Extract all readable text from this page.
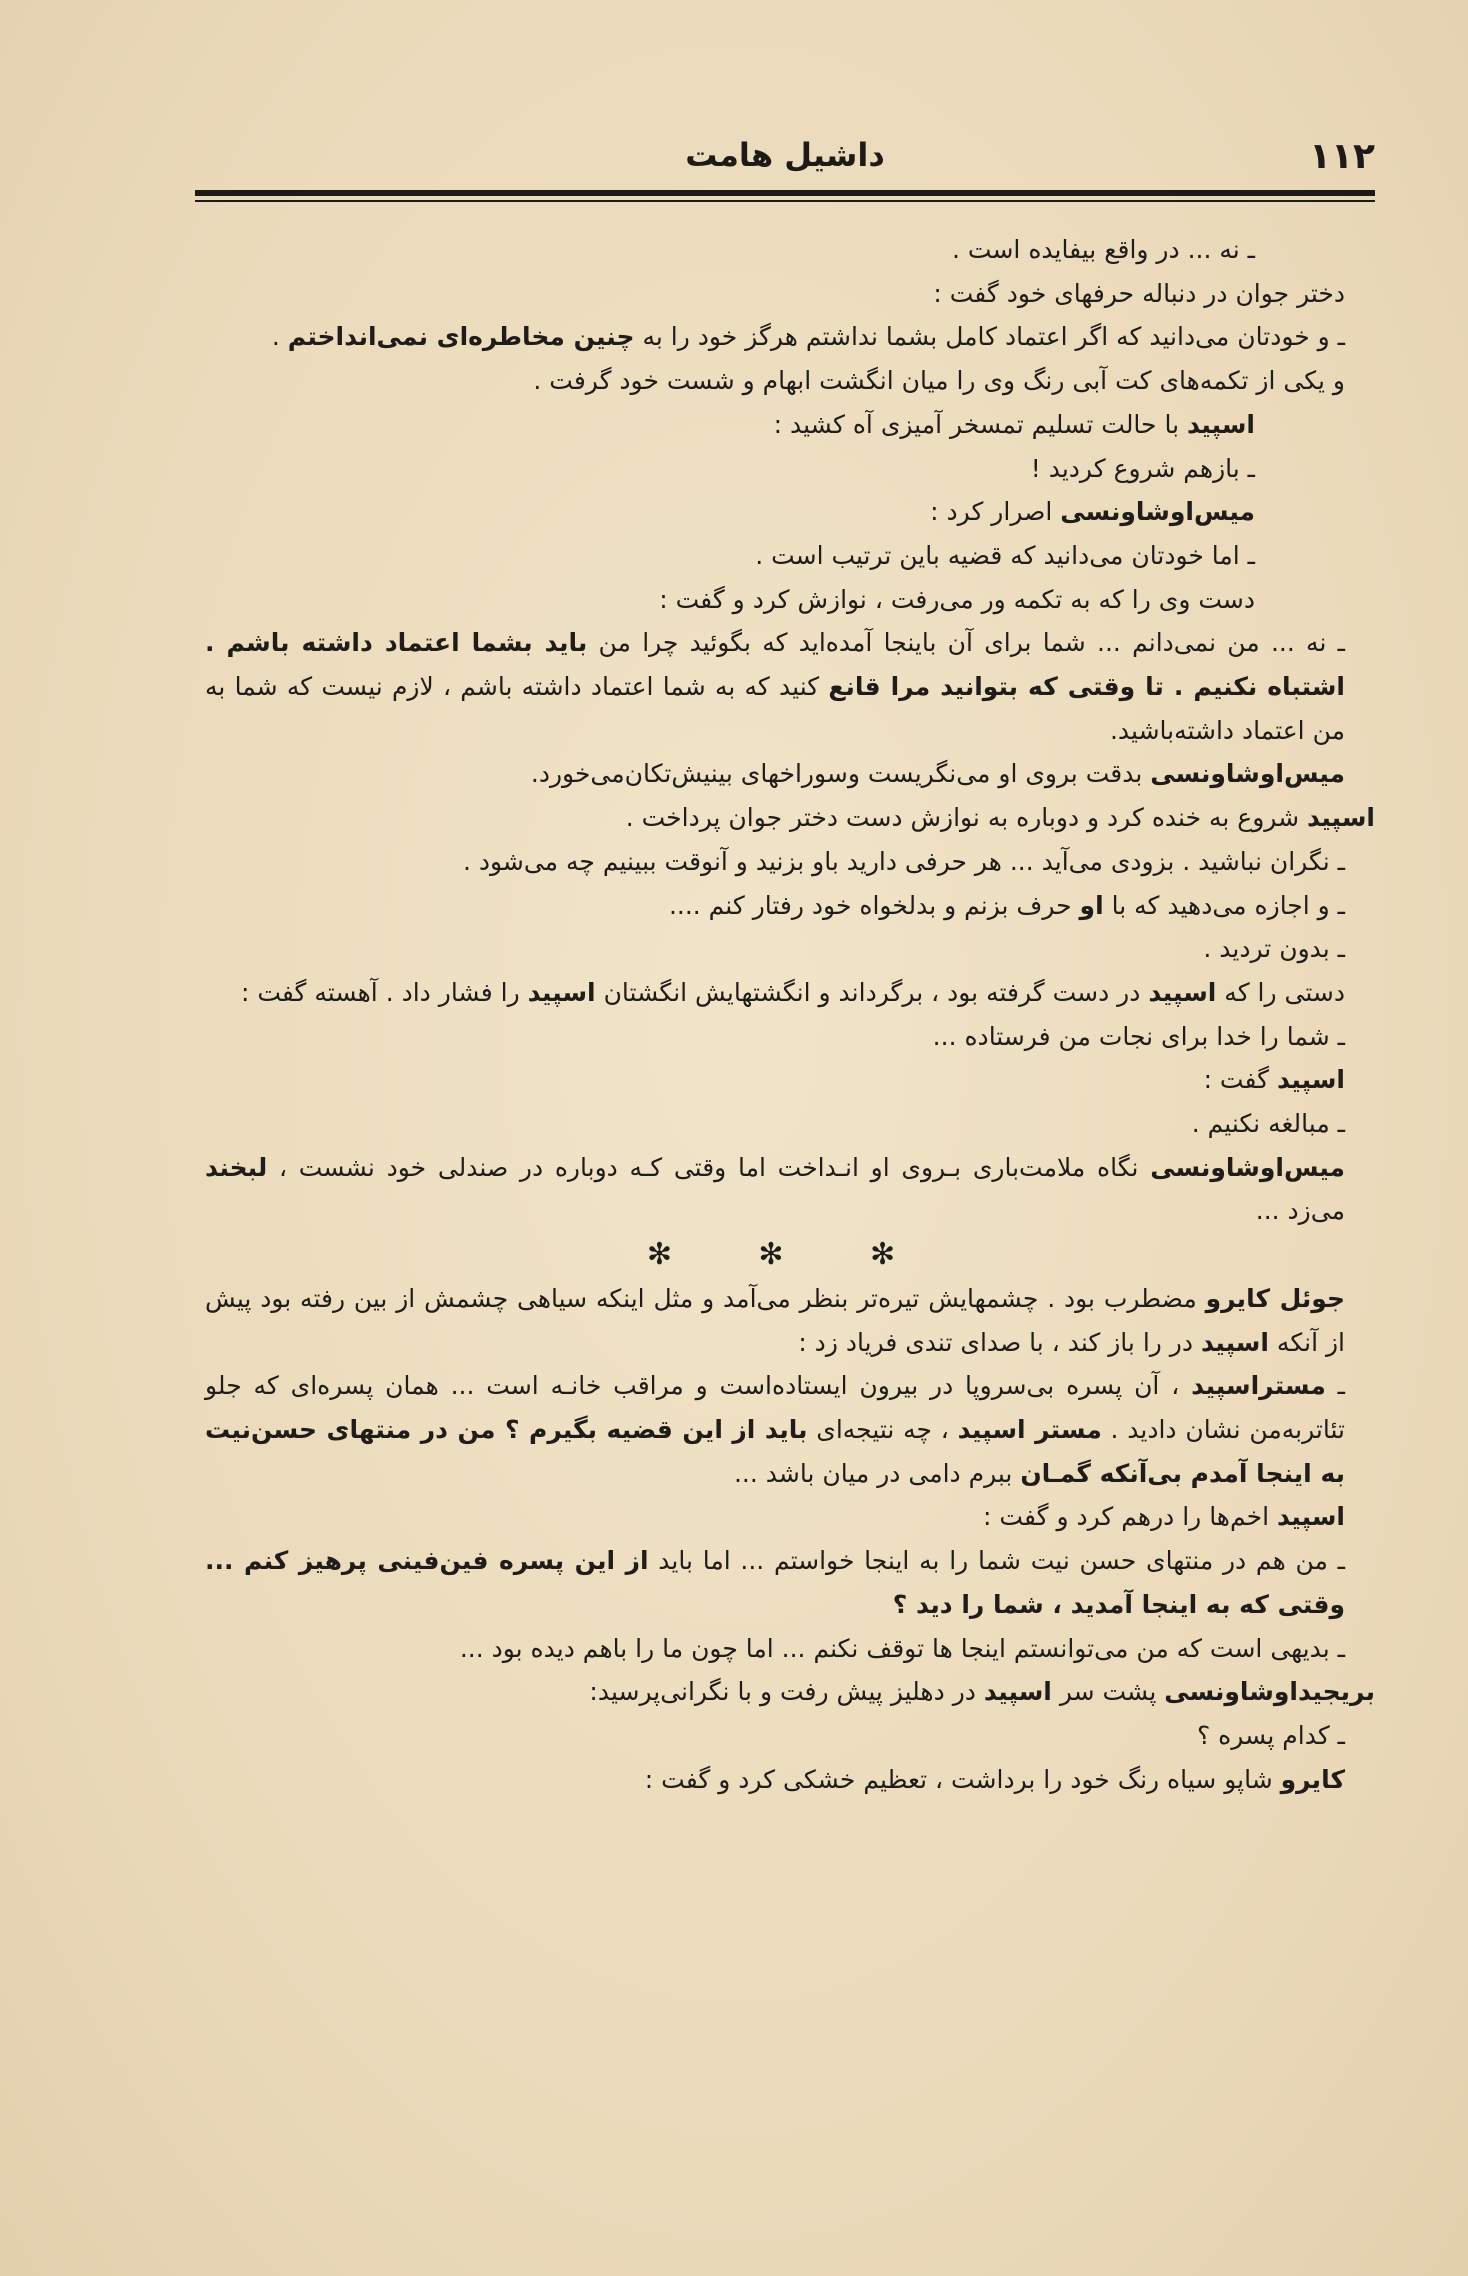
۱۱۲
داشیل هامت

ـ نه ... در واقع بیفایده است .

دختر جوان در دنباله حرفهای خود گفت :

ـ و خودتان می‌دانید که اگر اعتماد کامل بشما نداشتم هرگز خود را به چنین مخاطره‌ای نمی‌انداختم .

و یکی از تکمه‌های کت آبی رنگ وی را میان انگشت ابهام و شست خود گرفت .

اسپید با حالت تسلیم تمسخر آمیزی آه کشید :

ـ بازهم شروع کردید !

میس‌اوشاونسی اصرار کرد :

ـ اما خودتان می‌دانید که قضیه باین ترتیب است .

دست وی را که به تکمه ور می‌رفت ، نوازش کرد و گفت :

ـ نه ... من نمی‌دانم ... شما برای آن باینجا آمده‌اید که بگوئید چرا من باید بشما اعتماد داشته باشم . اشتباه نکنیم . تا وقتی که بتوانید مرا قانع کنید که به شما اعتماد داشته باشم ، لازم نیست که شما به من اعتماد داشته‌باشید.

میس‌اوشاونسی بدقت بروی او می‌نگریست وسوراخهای بینیش‌تکان‌می‌خورد.

اسپید شروع به خنده کرد و دوباره به نوازش دست دختر جوان پرداخت .

ـ نگران نباشید . بزودی می‌آید ... هر حرفی دارید باو بزنید و آنوقت ببینیم چه می‌شود .

ـ و اجازه می‌دهید که با او حرف بزنم و بدلخواه خود رفتار کنم ....

ـ بدون تردید .

دستی را که اسپید در دست گرفته بود ، برگرداند و انگشتهایش انگشتان اسپید را فشار داد . آهسته گفت :

ـ شما را خدا برای نجات من فرستاده ...

اسپید گفت :

ـ مبالغه نکنیم .

میس‌اوشاونسی نگاه ملامت‌باری بـروی او انـداخت اما وقتی کـه دوباره در صندلی خود نشست ، لبخند می‌زد ...

✻ ✻ ✻

جوئل کایرو مضطرب بود . چشمهایش تیره‌تر بنظر می‌آمد و مثل اینکه سیاهی چشمش از بین رفته بود پیش از آنکه اسپید در را باز کند ، با صدای تندی فریاد زد :

ـ مستراسپید ، آن پسره بی‌سروپا در بیرون ایستاده‌است و مراقب خانـه است ... همان پسره‌ای که جلو تئاتربه‌من نشان دادید . مستر اسپید ، چه نتیجه‌ای باید از این قضیه بگیرم ؟ من در منتهای حسن‌نیت به اینجا آمدم بی‌آنکه گمـان ببرم دامی در میان باشد ...

اسپید اخم‌ها را درهم کرد و گفت :

ـ من هم در منتهای حسن نیت شما را به اینجا خواستم ... اما باید از این پسره فین‌فینی پرهیز کنم ... وقتی که به اینجا آمدید ، شما را دید ؟

ـ بدیهی است که من می‌توانستم اینجا ها توقف نکنم ... اما چون ما را باهم دیده بود ...

بریجیداوشاونسی پشت سر اسپید در دهلیز پیش رفت و با نگرانی‌پرسید:

ـ کدام پسره ؟

کایرو شاپو سیاه رنگ خود را برداشت ، تعظیم خشکی کرد و گفت :
